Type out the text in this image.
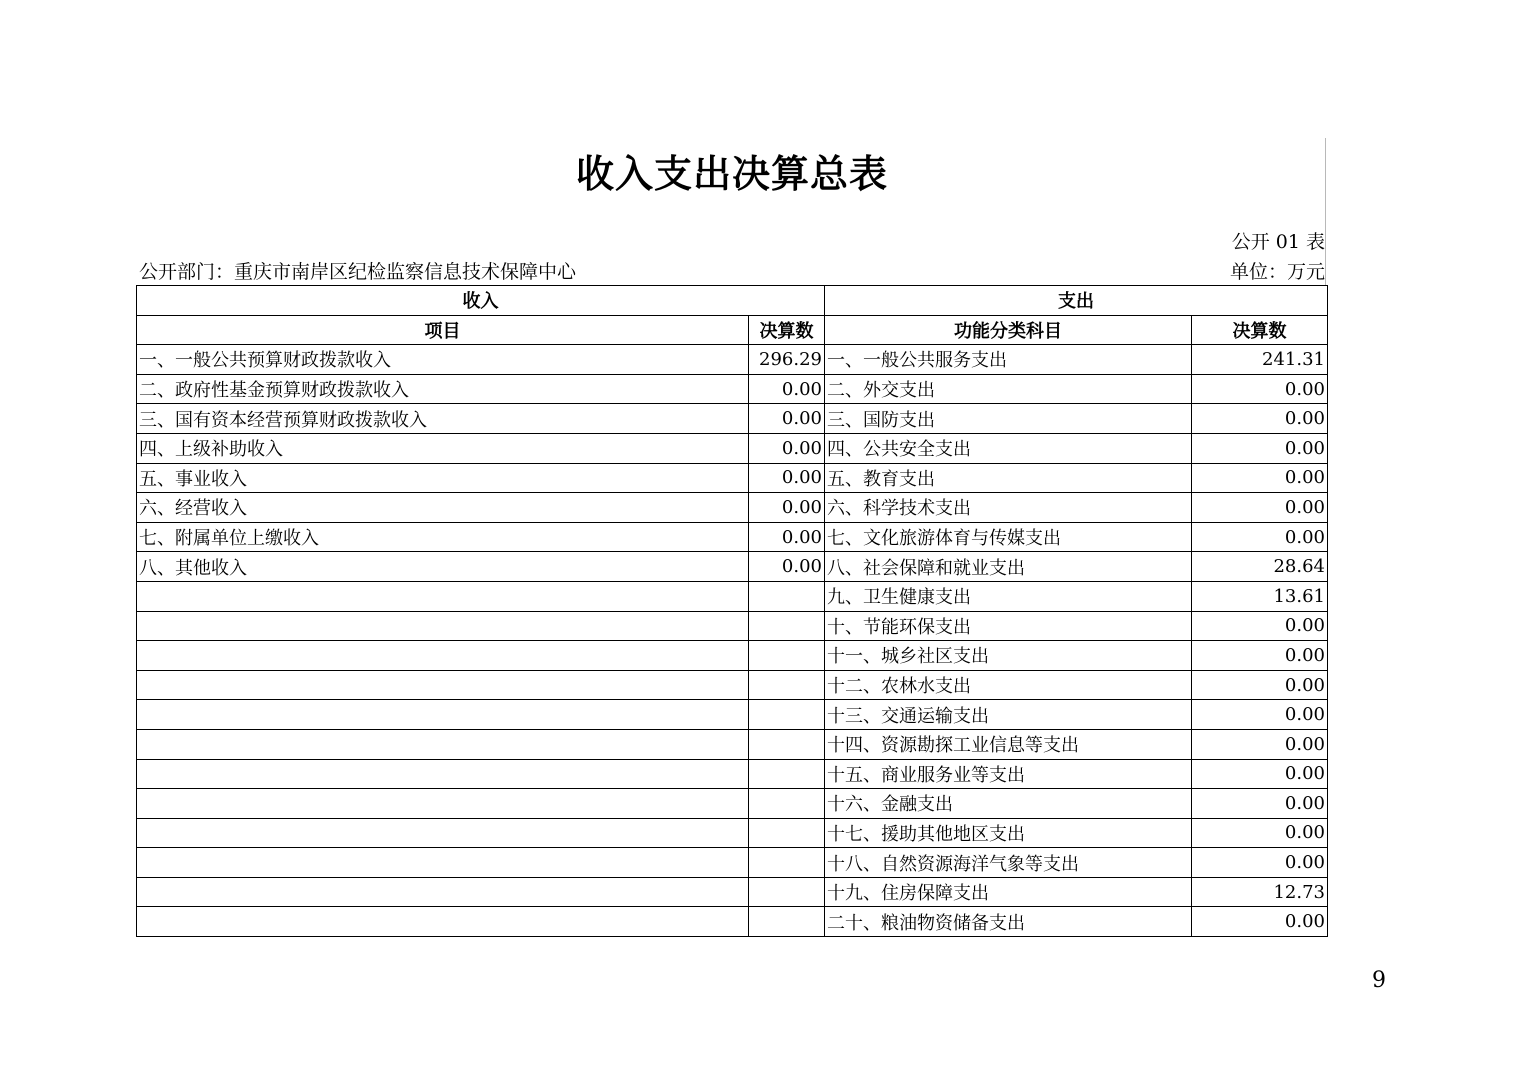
收入支出决算总表
公开 01 表
公开部门：重庆市南岸区纪检监察信息技术保障中心	单位：万元
收入		支出	
项目	决算数	功能分类科目	决算数
一、一般公共预算财政拨款收入	296.29	一、一般公共服务支出	241.31
二、政府性基金预算财政拨款收入	0.00	二、外交支出	0.00
三、国有资本经营预算财政拨款收入	0.00	三、国防支出	0.00
四、上级补助收入	0.00	四、公共安全支出	0.00
五、事业收入	0.00	五、教育支出	0.00
六、经营收入	0.00	六、科学技术支出	0.00
七、附属单位上缴收入	0.00	七、文化旅游体育与传媒支出	0.00
八、其他收入	0.00	八、社会保障和就业支出	28.64
		九、卫生健康支出	13.61
		十、节能环保支出	0.00
		十一、城乡社区支出	0.00
		十二、农林水支出	0.00
		十三、交通运输支出	0.00
		十四、资源勘探工业信息等支出	0.00
		十五、商业服务业等支出	0.00
		十六、金融支出	0.00
		十七、援助其他地区支出	0.00
		十八、自然资源海洋气象等支出	0.00
		十九、住房保障支出	12.73
		二十、粮油物资储备支出	0.00
9
